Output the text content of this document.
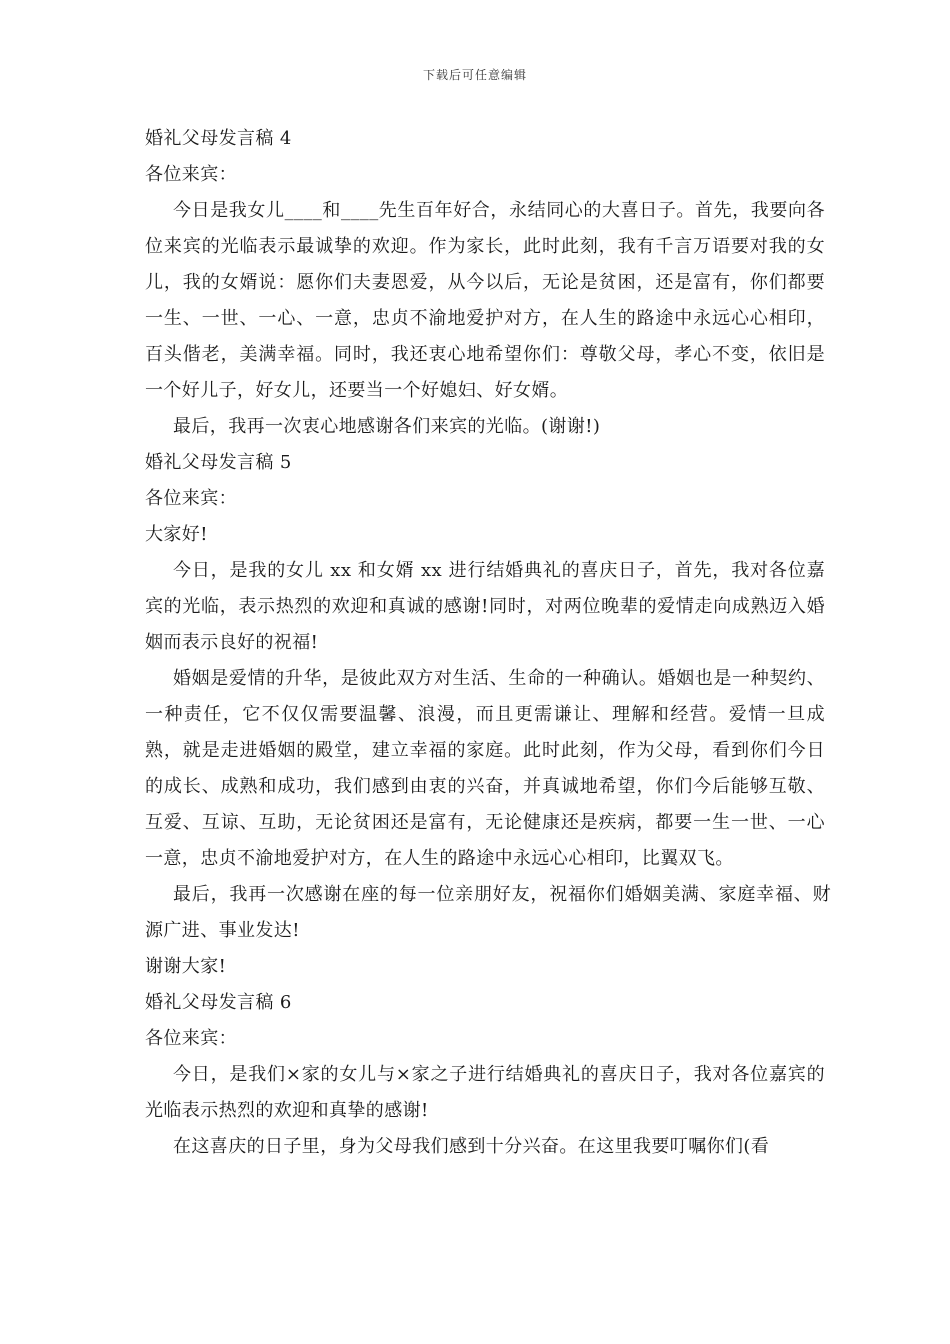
下载后可任意编辑

婚礼父母发言稿 4

各位来宾：

今日是我女儿____和____先生百年好合，永结同心的大喜日子。首先，我要向各位来宾的光临表示最诚挚的欢迎。作为家长，此时此刻，我有千言万语要对我的女儿，我的女婿说：愿你们夫妻恩爱，从今以后，无论是贫困，还是富有，你们都要一生、一世、一心、一意，忠贞不渝地爱护对方，在人生的路途中永远心心相印，百头偕老，美满幸福。同时，我还衷心地希望你们：尊敬父母，孝心不变，依旧是一个好儿子，好女儿，还要当一个好媳妇、好女婿。

最后，我再一次衷心地感谢各们来宾的光临。(谢谢!)

婚礼父母发言稿 5

各位来宾：

大家好!

今日，是我的女儿 xx 和女婿 xx 进行结婚典礼的喜庆日子，首先，我对各位嘉宾的光临，表示热烈的欢迎和真诚的感谢!同时，对两位晚辈的爱情走向成熟迈入婚姻而表示良好的祝福!

婚姻是爱情的升华，是彼此双方对生活、生命的一种确认。婚姻也是一种契约、一种责任，它不仅仅需要温馨、浪漫，而且更需谦让、理解和经营。爱情一旦成熟，就是走进婚姻的殿堂，建立幸福的家庭。此时此刻，作为父母，看到你们今日的成长、成熟和成功，我们感到由衷的兴奋，并真诚地希望，你们今后能够互敬、互爱、互谅、互助，无论贫困还是富有，无论健康还是疾病，都要一生一世、一心一意，忠贞不渝地爱护对方，在人生的路途中永远心心相印，比翼双飞。

最后，我再一次感谢在座的每一位亲朋好友，祝福你们婚姻美满、家庭幸福、财源广进、事业发达!

谢谢大家!

婚礼父母发言稿 6

各位来宾：

今日，是我们×家的女儿与×家之子进行结婚典礼的喜庆日子，我对各位嘉宾的光临表示热烈的欢迎和真挚的感谢!

在这喜庆的日子里，身为父母我们感到十分兴奋。在这里我要叮嘱你们(看
